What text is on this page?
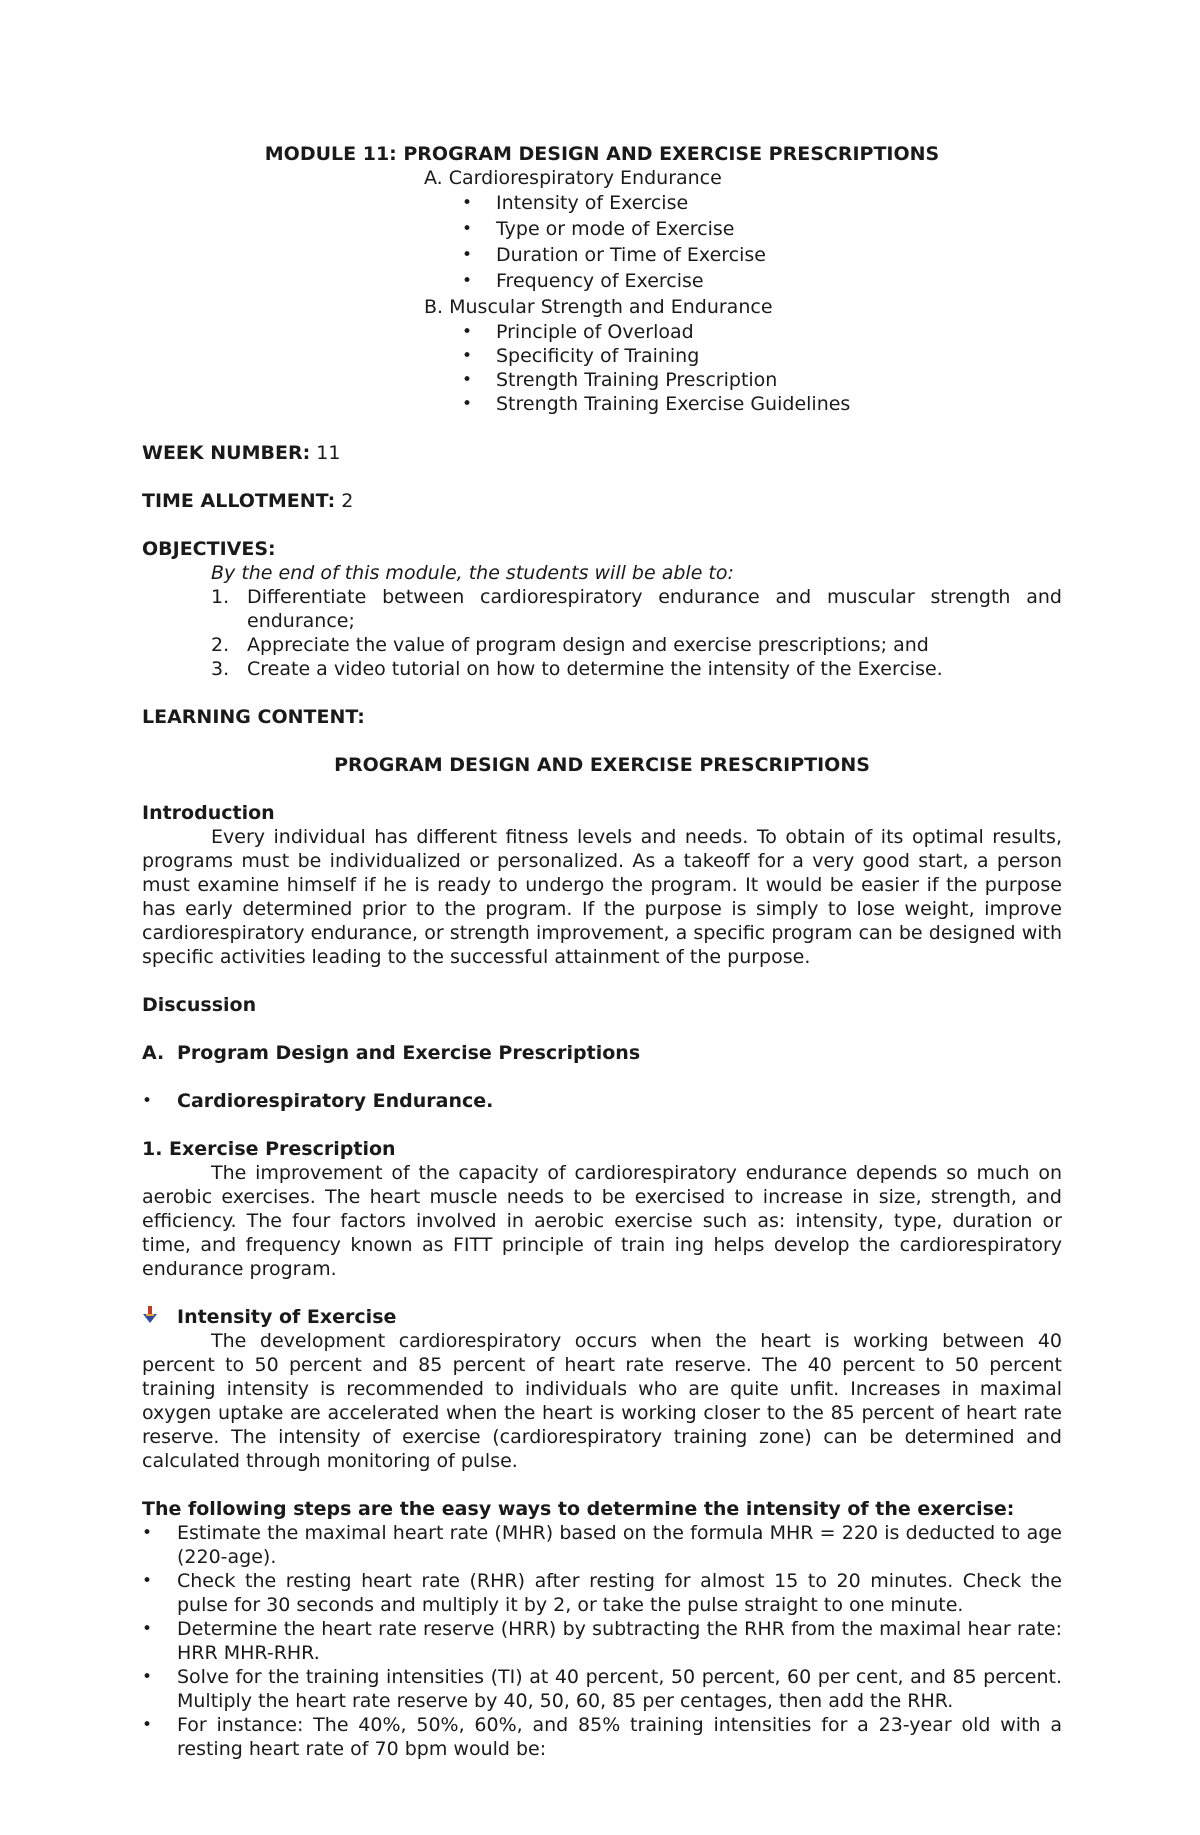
MODULE 11: PROGRAM DESIGN AND EXERCISE PRESCRIPTIONS
A. Cardiorespiratory Endurance
• Intensity of Exercise
• Type or mode of Exercise
• Duration or Time of Exercise
• Frequency of Exercise
B. Muscular Strength and Endurance
• Principle of Overload
• Specificity of Training
• Strength Training Prescription
• Strength Training Exercise Guidelines
WEEK NUMBER: 11
TIME ALLOTMENT: 2
OBJECTIVES:
By the end of this module, the students will be able to:
1. Differentiate between cardiorespiratory endurance and muscular strength and endurance;
2. Appreciate the value of program design and exercise prescriptions; and
3. Create a video tutorial on how to determine the intensity of the Exercise.
LEARNING CONTENT:
PROGRAM DESIGN AND EXERCISE PRESCRIPTIONS
Introduction
Every individual has different fitness levels and needs. To obtain of its optimal results, programs must be individualized or personalized. As a takeoff for a very good start, a person must examine himself if he is ready to undergo the program. It would be easier if the purpose has early determined prior to the program. If the purpose is simply to lose weight, improve cardiorespiratory endurance, or strength improvement, a specific program can be designed with specific activities leading to the successful attainment of the purpose.
Discussion
A. Program Design and Exercise Prescriptions
• Cardiorespiratory Endurance.
1. Exercise Prescription
The improvement of the capacity of cardiorespiratory endurance depends so much on aerobic exercises. The heart muscle needs to be exercised to increase in size, strength, and efficiency. The four factors involved in aerobic exercise such as: intensity, type, duration or time, and frequency known as FITT principle of train ing helps develop the cardiorespiratory endurance program.
Intensity of Exercise
The development cardiorespiratory occurs when the heart is working between 40 percent to 50 percent and 85 percent of heart rate reserve. The 40 percent to 50 percent training intensity is recommended to individuals who are quite unfit. Increases in maximal oxygen uptake are accelerated when the heart is working closer to the 85 percent of heart rate reserve. The intensity of exercise (cardiorespiratory training zone) can be determined and calculated through monitoring of pulse.
The following steps are the easy ways to determine the intensity of the exercise:
• Estimate the maximal heart rate (MHR) based on the formula MHR = 220 is deducted to age (220-age).
• Check the resting heart rate (RHR) after resting for almost 15 to 20 minutes. Check the pulse for 30 seconds and multiply it by 2, or take the pulse straight to one minute.
• Determine the heart rate reserve (HRR) by subtracting the RHR from the maximal hear rate: HRR MHR-RHR.
• Solve for the training intensities (TI) at 40 percent, 50 percent, 60 per cent, and 85 percent. Multiply the heart rate reserve by 40, 50, 60, 85 per centages, then add the RHR.
• For instance: The 40%, 50%, 60%, and 85% training intensities for a 23-year old with a resting heart rate of 70 bpm would be:
